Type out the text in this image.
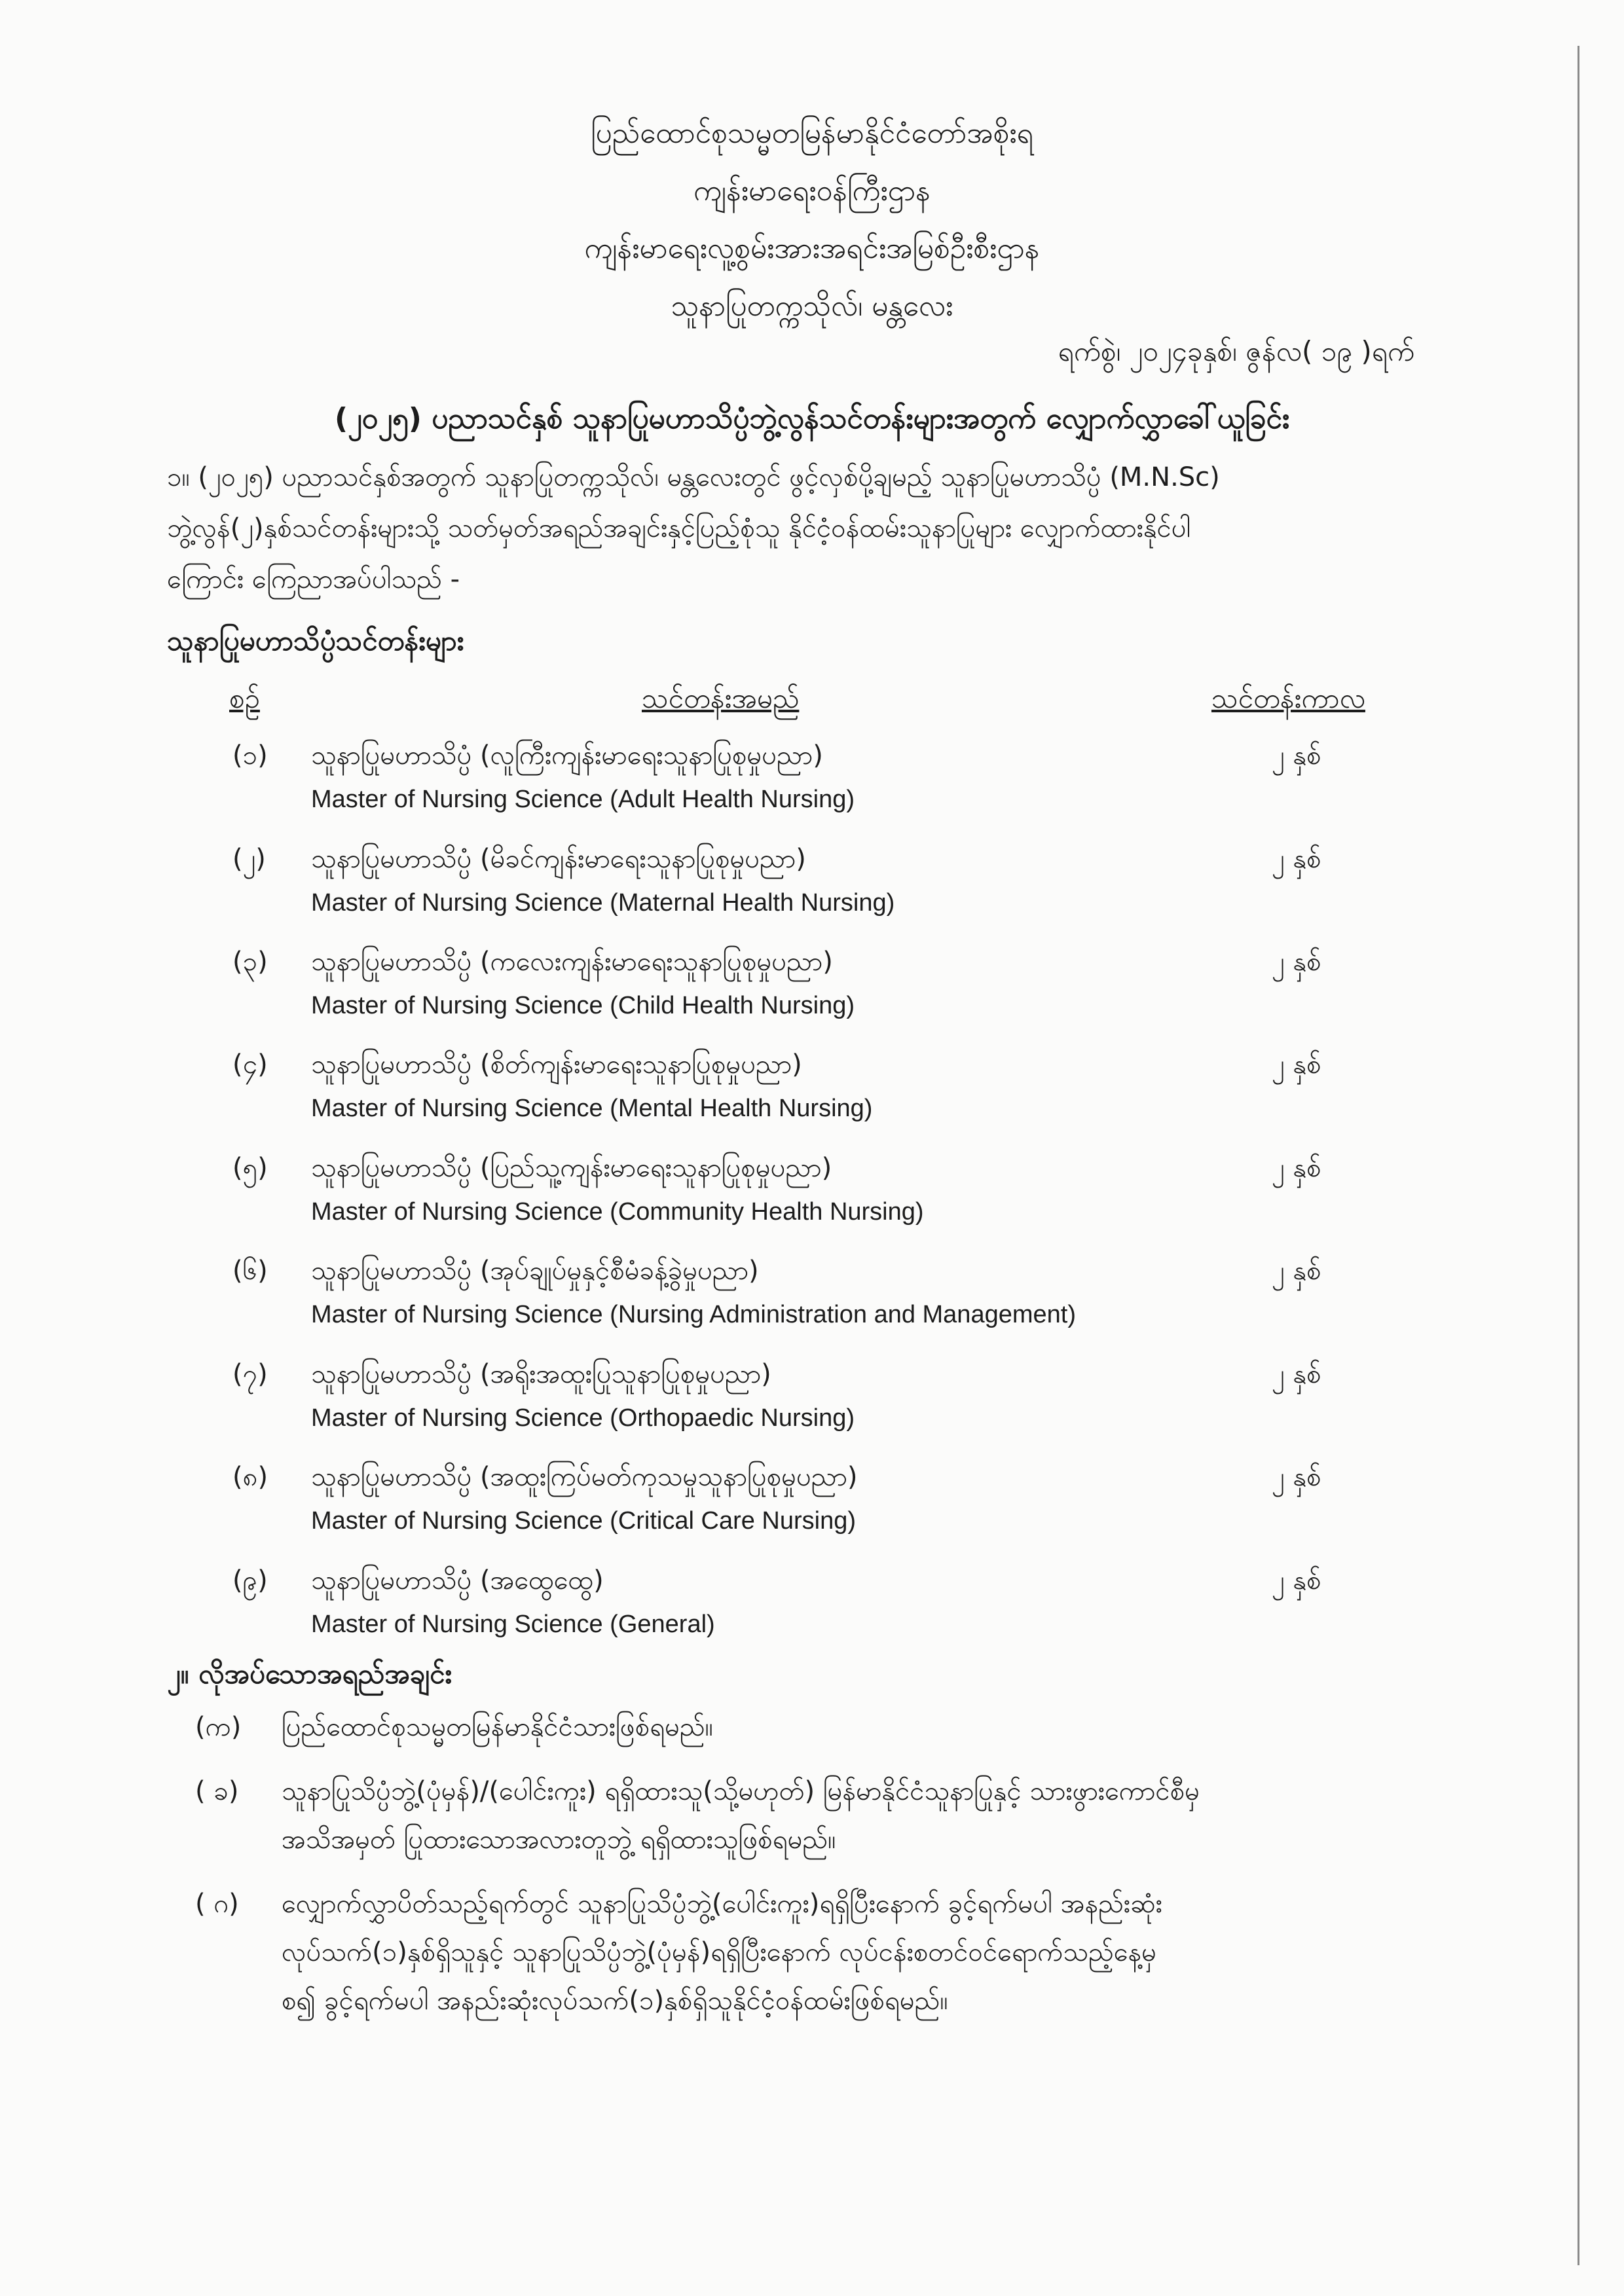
ပြည်ထောင်စုသမ္မတမြန်မာနိုင်ငံတော်အစိုးရ
ကျန်းမာရေးဝန်ကြီးဌာန
ကျန်းမာရေးလူ့စွမ်းအားအရင်းအမြစ်ဦးစီးဌာန
သူနာပြုတက္ကသိုလ်၊ မန္တလေး
ရက်စွဲ၊ ၂၀၂၄ခုနှစ်၊ ဇွန်လ( ၁၉ )ရက်
(၂၀၂၅) ပညာသင်နှစ် သူနာပြုမဟာသိပ္ပံဘွဲ့လွန်သင်တန်းများအတွက် လျှောက်လွှာခေါ်ယူခြင်း
၁။ (၂၀၂၅) ပညာသင်နှစ်အတွက် သူနာပြုတက္ကသိုလ်၊ မန္တလေးတွင် ဖွင့်လှစ်ပို့ချမည့် သူနာပြုမဟာသိပ္ပံ (M.N.Sc)
ဘွဲ့လွန်(၂)နှစ်သင်တန်းများသို့ သတ်မှတ်အရည်အချင်းနှင့်ပြည့်စုံသူ နိုင်ငံ့ဝန်ထမ်းသူနာပြုများ လျှောက်ထားနိုင်ပါ
ကြောင်း ကြေညာအပ်ပါသည် -
သူနာပြုမဟာသိပ္ပံသင်တန်းများ
စဉ်	သင်တန်းအမည်	သင်တန်းကာလ
(၁) သူနာပြုမဟာသိပ္ပံ (လူကြီးကျန်းမာရေးသူနာပြုစုမှုပညာ)
Master of Nursing Science (Adult Health Nursing)
၂ နှစ်
(၂) သူနာပြုမဟာသိပ္ပံ (မိခင်ကျန်းမာရေးသူနာပြုစုမှုပညာ)
Master of Nursing Science (Maternal Health Nursing)
၂ နှစ်
(၃) သူနာပြုမဟာသိပ္ပံ (ကလေးကျန်းမာရေးသူနာပြုစုမှုပညာ)
Master of Nursing Science (Child Health Nursing)
၂ နှစ်
(၄) သူနာပြုမဟာသိပ္ပံ (စိတ်ကျန်းမာရေးသူနာပြုစုမှုပညာ)
Master of Nursing Science (Mental Health Nursing)
၂ နှစ်
(၅) သူနာပြုမဟာသိပ္ပံ (ပြည်သူ့ကျန်းမာရေးသူနာပြုစုမှုပညာ)
Master of Nursing Science (Community Health Nursing)
၂ နှစ်
(၆) သူနာပြုမဟာသိပ္ပံ (အုပ်ချုပ်မှုနှင့်စီမံခန့်ခွဲမှုပညာ)
Master of Nursing Science (Nursing Administration and Management)
၂ နှစ်
(၇) သူနာပြုမဟာသိပ္ပံ (အရိုးအထူးပြုသူနာပြုစုမှုပညာ)
Master of Nursing Science (Orthopaedic Nursing)
၂ နှစ်
(၈) သူနာပြုမဟာသိပ္ပံ (အထူးကြပ်မတ်ကုသမှုသူနာပြုစုမှုပညာ)
Master of Nursing Science (Critical Care Nursing)
၂ နှစ်
(၉) သူနာပြုမဟာသိပ္ပံ (အထွေထွေ)
Master of Nursing Science (General)
၂ နှစ်
၂။ လိုအပ်သောအရည်အချင်း
(က) ပြည်ထောင်စုသမ္မတမြန်မာနိုင်ငံသားဖြစ်ရမည်။
( ခ) သူနာပြုသိပ္ပံဘွဲ့(ပုံမှန်)/(ပေါင်းကူး) ရရှိထားသူ(သို့မဟုတ်) မြန်မာနိုင်ငံသူနာပြုနှင့် သားဖွားကောင်စီမှ
အသိအမှတ် ပြုထားသောအလားတူဘွဲ့ ရရှိထားသူဖြစ်ရမည်။
( ဂ) လျှောက်လွှာပိတ်သည့်ရက်တွင် သူနာပြုသိပ္ပံဘွဲ့(ပေါင်းကူး)ရရှိပြီးနောက် ခွင့်ရက်မပါ အနည်းဆုံး
လုပ်သက်(၁)နှစ်ရှိသူနှင့် သူနာပြုသိပ္ပံဘွဲ့(ပုံမှန်)ရရှိပြီးနောက် လုပ်ငန်းစတင်ဝင်ရောက်သည့်နေ့မှ
စ၍ ခွင့်ရက်မပါ အနည်းဆုံးလုပ်သက်(၁)နှစ်ရှိသူနိုင်ငံ့ဝန်ထမ်းဖြစ်ရမည်။
